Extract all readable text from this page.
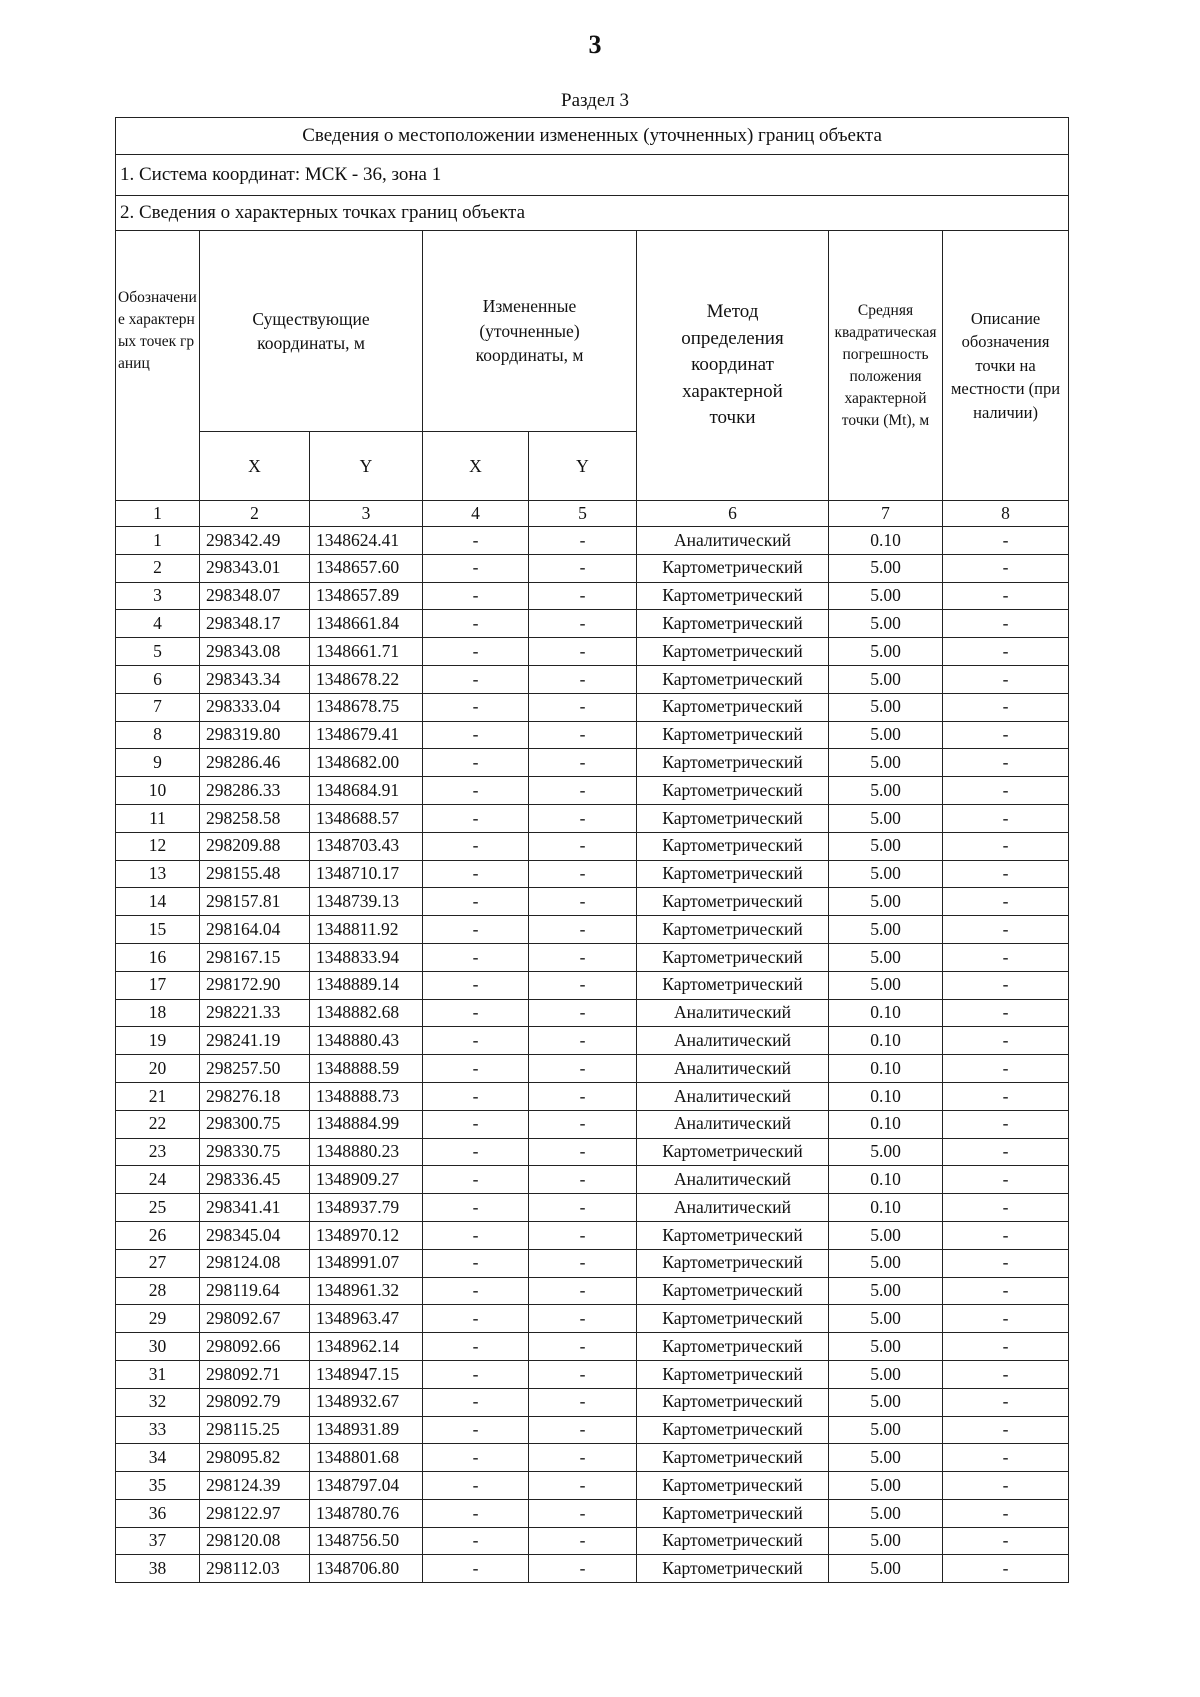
3
Раздел 3
Сведения о местоположении измененных (уточненных) границ объекта							
1. Система координат: МСК - 36, зона 1							
2. Сведения о характерных точках границ объекта							
Обозначение характерных точек границ	Существующие координаты, м		Измененные (уточненные) координаты, м		Метод определения координат характерной точки	Средняя квадратическая погрешность положения характерной точки (Mt), м	Описание обозначения точки на местности (при наличии)
	X	Y	X	Y			
1	2	3	4	5	6	7	8
1	298342.49	1348624.41	-	-	Аналитический	0.10	-
2	298343.01	1348657.60	-	-	Картометрический	5.00	-
3	298348.07	1348657.89	-	-	Картометрический	5.00	-
4	298348.17	1348661.84	-	-	Картометрический	5.00	-
5	298343.08	1348661.71	-	-	Картометрический	5.00	-
6	298343.34	1348678.22	-	-	Картометрический	5.00	-
7	298333.04	1348678.75	-	-	Картометрический	5.00	-
8	298319.80	1348679.41	-	-	Картометрический	5.00	-
9	298286.46	1348682.00	-	-	Картометрический	5.00	-
10	298286.33	1348684.91	-	-	Картометрический	5.00	-
11	298258.58	1348688.57	-	-	Картометрический	5.00	-
12	298209.88	1348703.43	-	-	Картометрический	5.00	-
13	298155.48	1348710.17	-	-	Картометрический	5.00	-
14	298157.81	1348739.13	-	-	Картометрический	5.00	-
15	298164.04	1348811.92	-	-	Картометрический	5.00	-
16	298167.15	1348833.94	-	-	Картометрический	5.00	-
17	298172.90	1348889.14	-	-	Картометрический	5.00	-
18	298221.33	1348882.68	-	-	Аналитический	0.10	-
19	298241.19	1348880.43	-	-	Аналитический	0.10	-
20	298257.50	1348888.59	-	-	Аналитический	0.10	-
21	298276.18	1348888.73	-	-	Аналитический	0.10	-
22	298300.75	1348884.99	-	-	Аналитический	0.10	-
23	298330.75	1348880.23	-	-	Картометрический	5.00	-
24	298336.45	1348909.27	-	-	Аналитический	0.10	-
25	298341.41	1348937.79	-	-	Аналитический	0.10	-
26	298345.04	1348970.12	-	-	Картометрический	5.00	-
27	298124.08	1348991.07	-	-	Картометрический	5.00	-
28	298119.64	1348961.32	-	-	Картометрический	5.00	-
29	298092.67	1348963.47	-	-	Картометрический	5.00	-
30	298092.66	1348962.14	-	-	Картометрический	5.00	-
31	298092.71	1348947.15	-	-	Картометрический	5.00	-
32	298092.79	1348932.67	-	-	Картометрический	5.00	-
33	298115.25	1348931.89	-	-	Картометрический	5.00	-
34	298095.82	1348801.68	-	-	Картометрический	5.00	-
35	298124.39	1348797.04	-	-	Картометрический	5.00	-
36	298122.97	1348780.76	-	-	Картометрический	5.00	-
37	298120.08	1348756.50	-	-	Картометрический	5.00	-
38	298112.03	1348706.80	-	-	Картометрический	5.00	-
